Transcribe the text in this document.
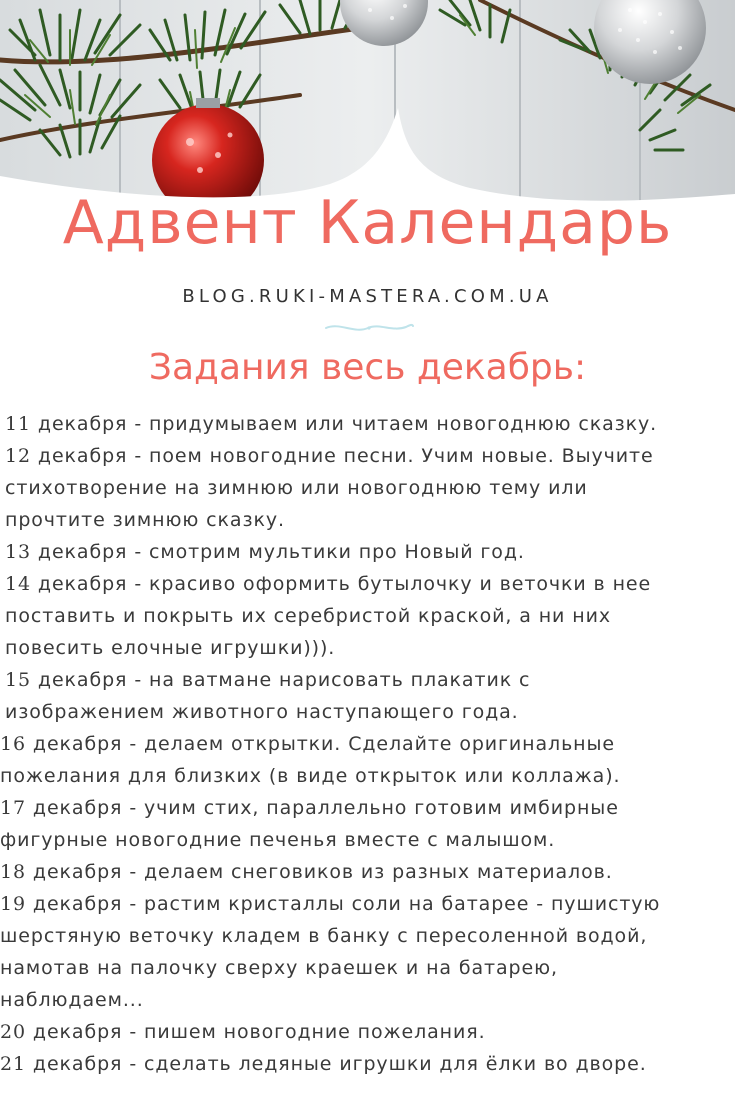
Адвент Календарь
BLOG.RUKI-MASTERA.COM.UA
Задания весь декабрь:
11 декабря - придумываем или читаем новогоднюю сказку.
12 декабря - поем новогодние песни. Учим новые. Выучите
стихотворение на зимнюю или новогоднюю тему или
прочтите зимнюю сказку.
13 декабря - смотрим мультики про Новый год.
14 декабря - красиво оформить бутылочку и веточки в нее
поставить и покрыть их серебристой краской, а ни них
повесить елочные игрушки))).
15 декабря - на ватмане нарисовать плакатик с
изображением животного наступающего года.
16 декабря - делаем открытки. Сделайте оригинальные
пожелания для близких (в виде открыток или коллажа).
17 декабря - учим стих, параллельно готовим имбирные
фигурные новогодние печенья вместе с малышом.
18 декабря - делаем снеговиков из разных материалов.
19 декабря - растим кристаллы соли на батарее - пушистую
шерстяную веточку кладем в банку с пересоленной водой,
намотав на палочку сверху краешек и на батарею,
наблюдаем...
20 декабря - пишем новогодние пожелания.
21 декабря - сделать ледяные игрушки для ёлки во дворе.
